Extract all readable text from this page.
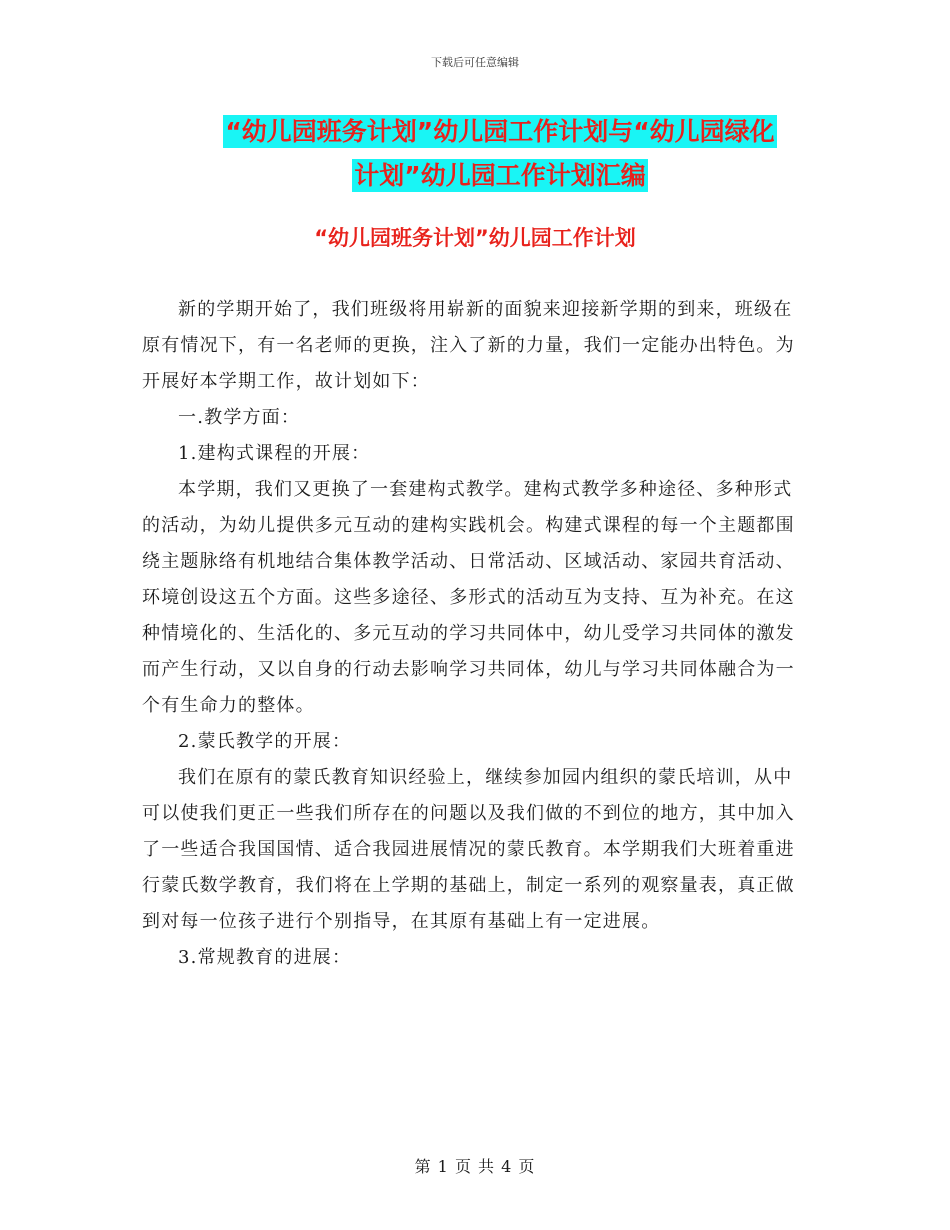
下载后可任意编辑
“幼儿园班务计划”幼儿园工作计划与“幼儿园绿化
计划”幼儿园工作计划汇编
“幼儿园班务计划”幼儿园工作计划

新的学期开始了，我们班级将用崭新的面貌来迎接新学期的到来，班级在原有情况下，有一名老师的更换，注入了新的力量，我们一定能办出特色。为开展好本学期工作，故计划如下：

一.教学方面：

1.建构式课程的开展：

本学期，我们又更换了一套建构式教学。建构式教学多种途径、多种形式的活动，为幼儿提供多元互动的建构实践机会。构建式课程的每一个主题都围绕主题脉络有机地结合集体教学活动、日常活动、区域活动、家园共育活动、环境创设这五个方面。这些多途径、多形式的活动互为支持、互为补充。在这种情境化的、生活化的、多元互动的学习共同体中，幼儿受学习共同体的激发而产生行动，又以自身的行动去影响学习共同体，幼儿与学习共同体融合为一个有生命力的整体。

2.蒙氏教学的开展：

我们在原有的蒙氏教育知识经验上，继续参加园内组织的蒙氏培训，从中可以使我们更正一些我们所存在的问题以及我们做的不到位的地方，其中加入了一些适合我国国情、适合我园进展情况的蒙氏教育。本学期我们大班着重进行蒙氏数学教育，我们将在上学期的基础上，制定一系列的观察量表，真正做到对每一位孩子进行个别指导，在其原有基础上有一定进展。

3.常规教育的进展：

第 1 页 共 4 页
